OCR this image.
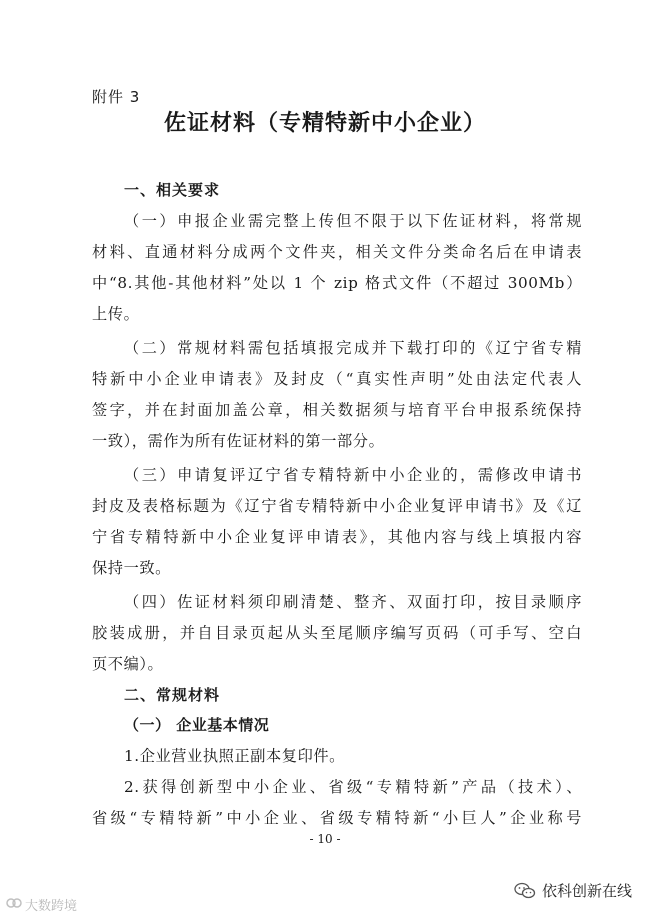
附件 3
佐证材料（专精特新中小企业）
一、相关要求
（一）申报企业需完整上传但不限于以下佐证材料，将常规
材料、直通材料分成两个文件夹，相关文件分类命名后在申请表
中“8.其他-其他材料”处以 1 个 zip 格式文件（不超过 300Mb）
上传。
（二）常规材料需包括填报完成并下载打印的《辽宁省专精
特新中小企业申请表》及封皮（“真实性声明”处由法定代表人
签字，并在封面加盖公章，相关数据须与培育平台申报系统保持
一致），需作为所有佐证材料的第一部分。
（三）申请复评辽宁省专精特新中小企业的，需修改申请书
封皮及表格标题为《辽宁省专精特新中小企业复评申请书》及《辽
宁省专精特新中小企业复评申请表》，其他内容与线上填报内容
保持一致。
（四）佐证材料须印刷清楚、整齐、双面打印，按目录顺序
胶装成册，并自目录页起从头至尾顺序编写页码（可手写、空白
页不编）。
二、常规材料
（一） 企业基本情况
1.企业营业执照正副本复印件。
2.获得创新型中小企业、省级“专精特新”产品（技术）、
省级“专精特新”中小企业、省级专精特新“小巨人”企业称号
- 10 -
大数跨境
依科创新在线
